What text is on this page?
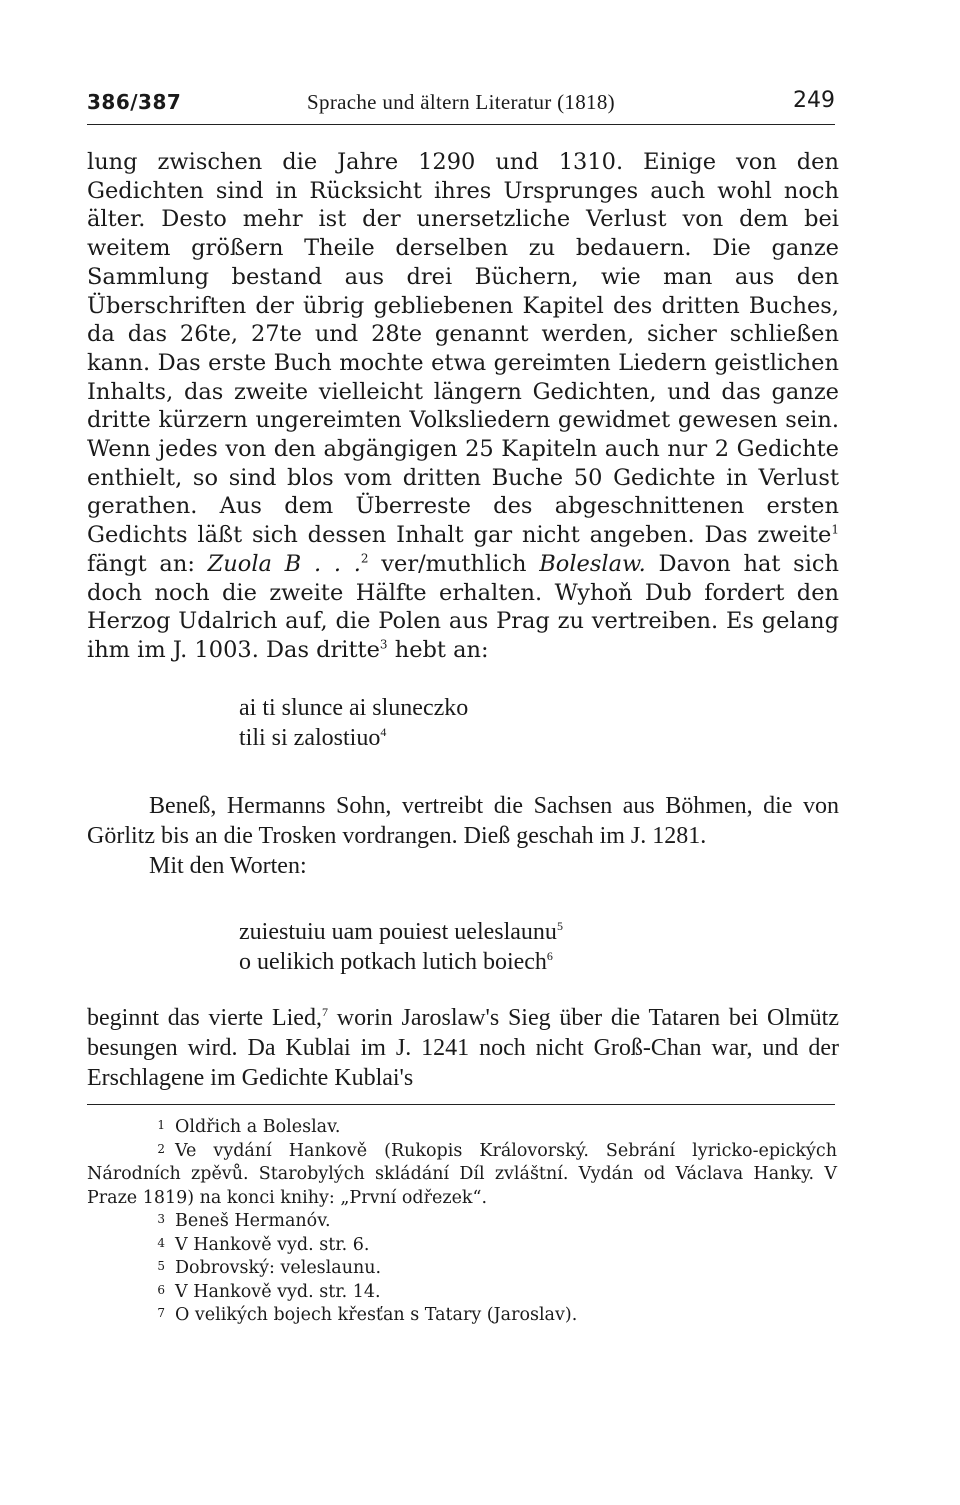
386/387	Sprache und ältern Literatur (1818)	249

lung zwischen die Jahre 1290 und 1310. Einige von den Gedichten sind in Rücksicht ihres Ursprunges auch wohl noch älter. Desto mehr ist der unersetzliche Verlust von dem bei weitem größern Theile derselben zu bedauern. Die ganze Sammlung bestand aus drei Büchern, wie man aus den Überschriften der übrig gebliebenen Kapitel des dritten Buches, da das 26te, 27te und 28te genannt werden, sicher schließen kann. Das erste Buch mochte etwa gereimten Liedern geistlichen Inhalts, das zweite vielleicht längern Gedichten, und das ganze dritte kürzern ungereimten Volksliedern gewidmet gewesen sein. Wenn jedes von den abgängigen 25 Kapiteln auch nur 2 Gedichte enthielt, so sind blos vom dritten Buche 50 Gedichte in Verlust gerathen. Aus dem Überreste des abgeschnittenen ersten Gedichts läßt sich dessen Inhalt gar nicht angeben. Das zweite$^1$ fängt an: Zuola B . . .$^2$ ver/muthlich Boleslaw. Davon hat sich doch noch die zweite Hälfte erhalten. Wyhoň Dub fordert den Herzog Udalrich auf, die Polen aus Prag zu vertreiben. Es gelang ihm im J. 1003. Das dritte$^3$ hebt an:

ai ti slunce ai sluneczko
tili si zalostiuo$^4$

Beneß, Hermanns Sohn, vertreibt die Sachsen aus Böhmen, die von Görlitz bis an die Trosken vordrangen. Dieß geschah im J. 1281.

Mit den Worten:

zuiestuiu uam pouiest ueleslaunu$^5$
o uelikich potkach lutich boiech$^6$

beginnt das vierte Lied,$^7$ worin Jaroslaw's Sieg über die Tataren bei Olmütz besungen wird. Da Kublai im J. 1241 noch nicht Groß-Chan war, und der Erschlagene im Gedichte Kublai's

1 Oldřich a Boleslav.

2 Ve vydání Hankově (Rukopis Královorský. Sebrání lyricko-epických Národních zpěvů. Starobylých skládání Díl zvláštní. Vydán od Václava Hanky. V Praze 1819) na konci knihy: „První odřezek“.

3 Beneš Hermanóv.

4 V Hankově vyd. str. 6.

5 Dobrovský: veleslaunu.

6 V Hankově vyd. str. 14.

7 O velikých bojech křesťan s Tatary (Jaroslav).
